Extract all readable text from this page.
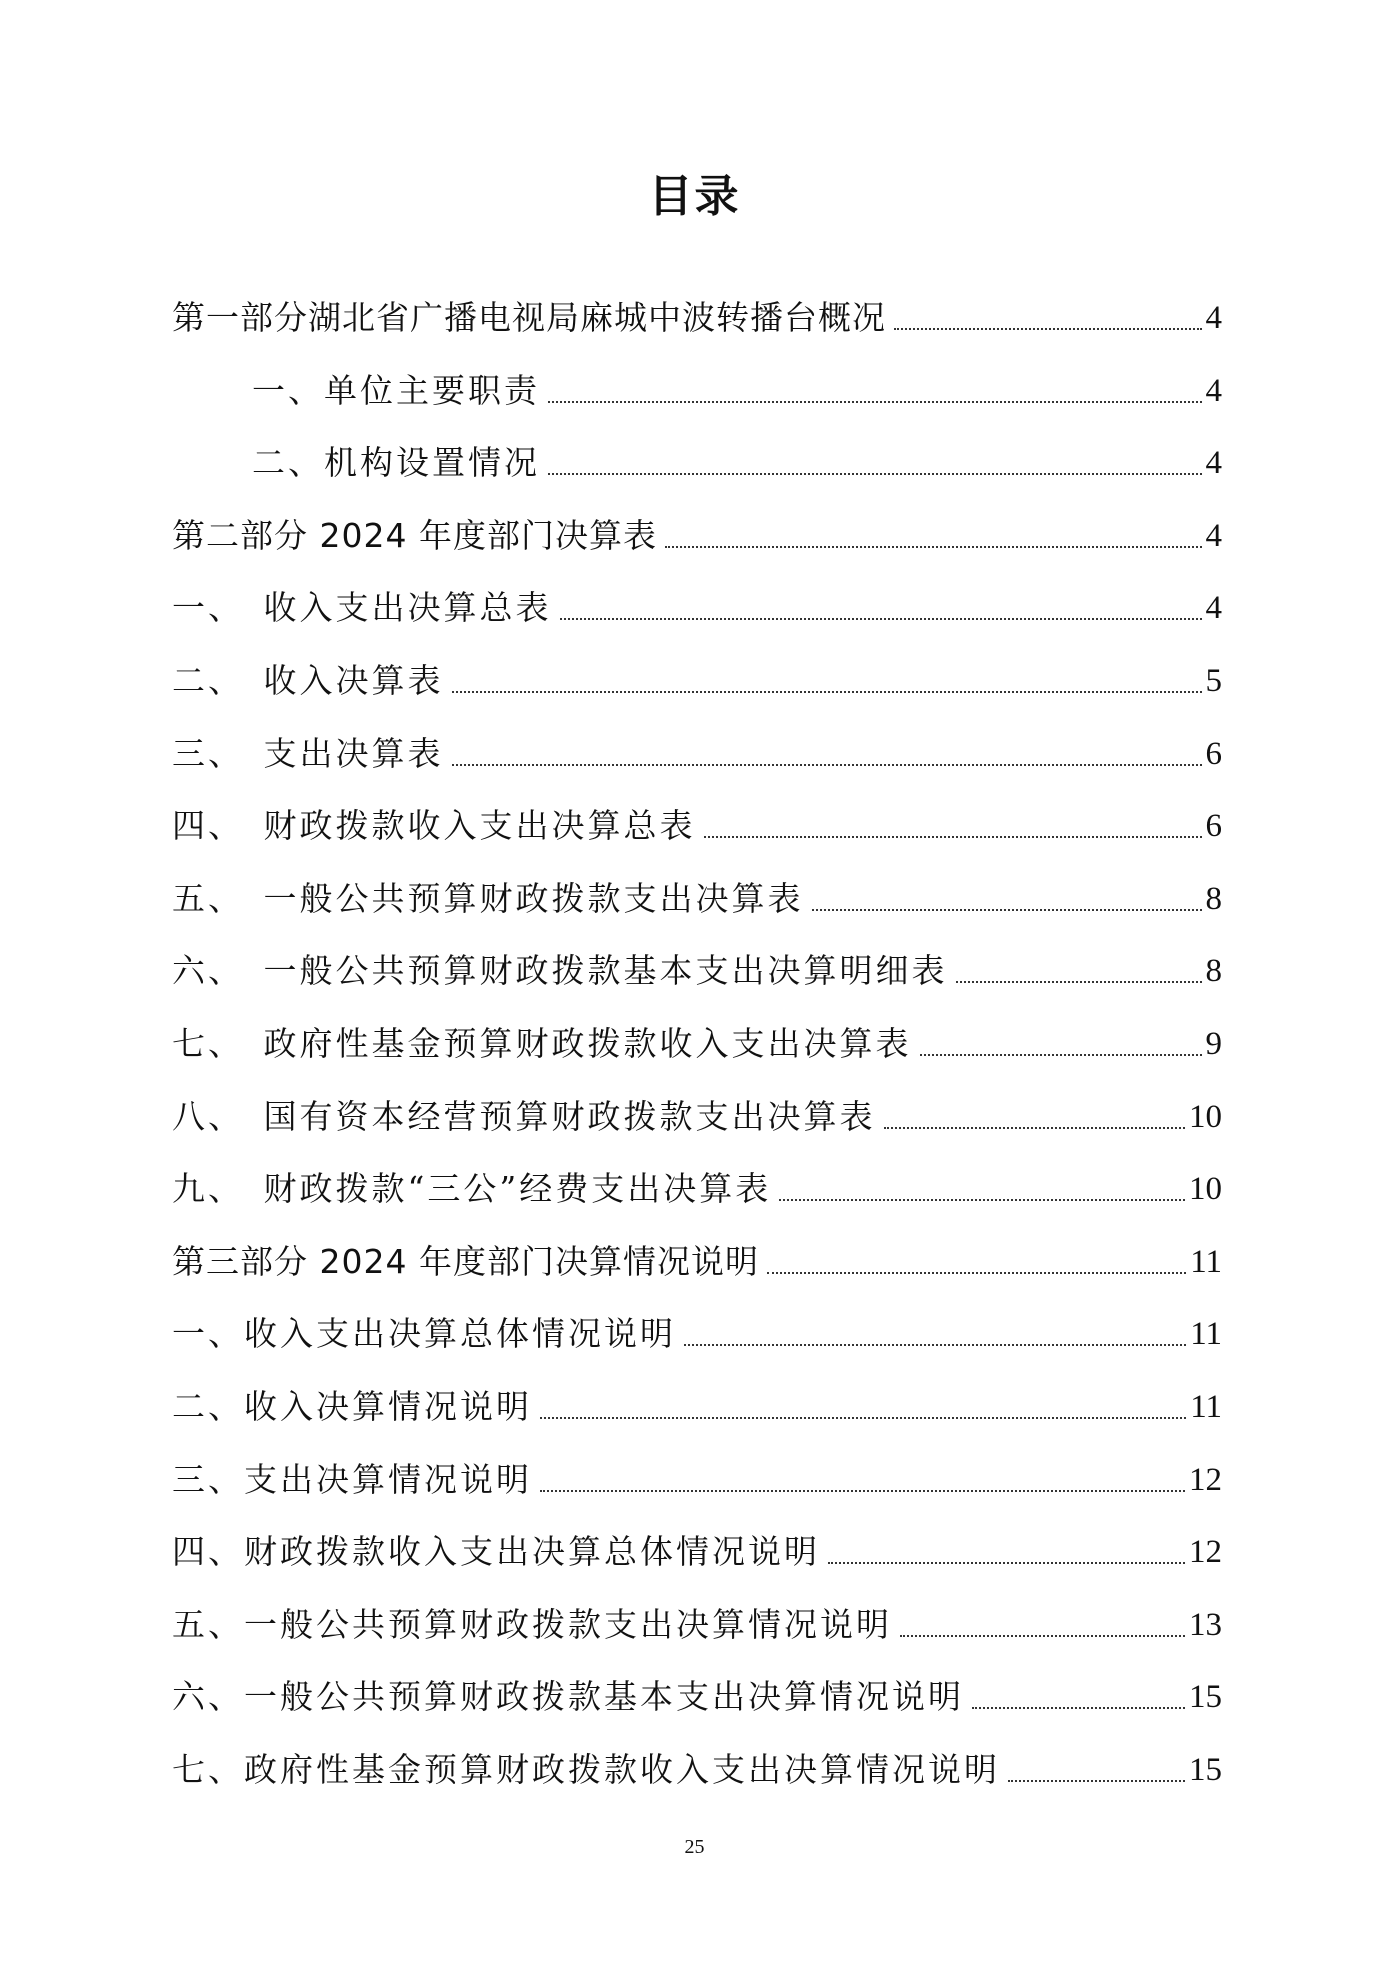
目录
第一部分湖北省广播电视局麻城中波转播台概况	4
一、单位主要职责	4
二、机构设置情况	4
第二部分 2024 年度部门决算表	4
一、　收入支出决算总表	4
二、　收入决算表	5
三、　支出决算表	6
四、　财政拨款收入支出决算总表	6
五、　一般公共预算财政拨款支出决算表	8
六、　一般公共预算财政拨款基本支出决算明细表	8
七、　政府性基金预算财政拨款收入支出决算表	9
八、　国有资本经营预算财政拨款支出决算表	10
九、　财政拨款“三公”经费支出决算表	10
第三部分 2024 年度部门决算情况说明	11
一、收入支出决算总体情况说明	11
二、收入决算情况说明	11
三、支出决算情况说明	12
四、财政拨款收入支出决算总体情况说明	12
五、一般公共预算财政拨款支出决算情况说明	13
六、一般公共预算财政拨款基本支出决算情况说明	15
七、政府性基金预算财政拨款收入支出决算情况说明	15
25
